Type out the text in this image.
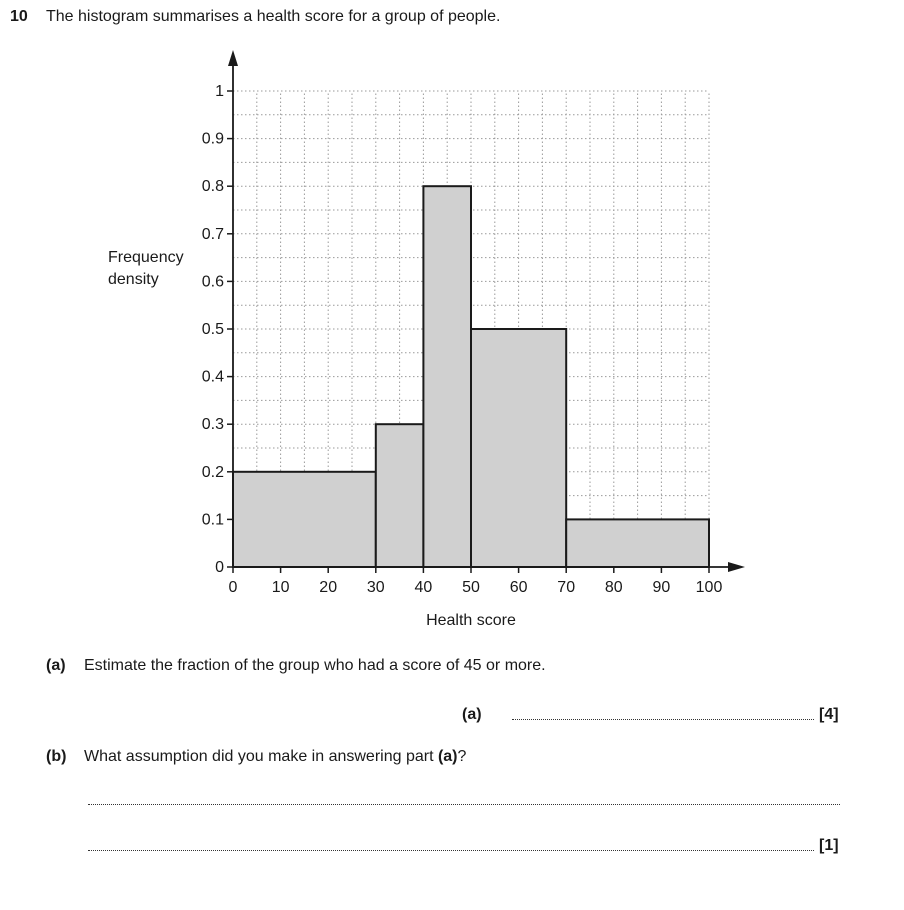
10 The histogram summarises a health score for a group of people.
0
0.1
0.2
0.3
0.4
0.5
0.6
0.7
0.8
0.9
1
0 10 20 30 40 50 60 70 80 90 100
Frequency
density
Health score
(a) Estimate the fraction of the group who had a score of 45 or more.
(a)	[4]
(b) What assumption did you make in answering part (a)?
[1]
